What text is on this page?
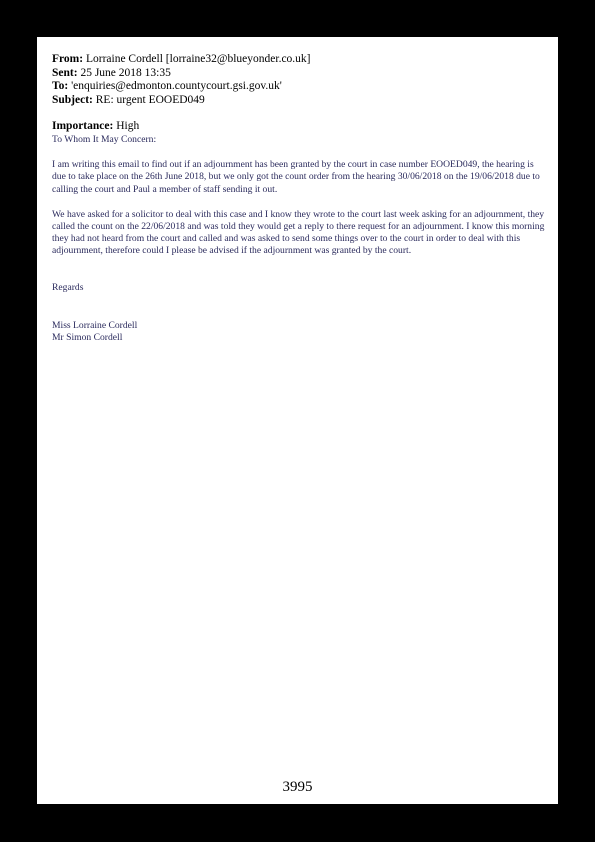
From: Lorraine Cordell [lorraine32@blueyonder.co.uk]
Sent: 25 June 2018 13:35
To: 'enquiries@edmonton.countycourt.gsi.gov.uk'
Subject: RE: urgent EOOED049
Importance: High

To Whom It May Concern:

I am writing this email to find out if an adjournment has been granted by the court in case number EOOED049, the hearing is due to take place on the 26th June 2018, but we only got the count order from the hearing 30/06/2018 on the 19/06/2018 due to calling the court and Paul a member of staff sending it out.

We have asked for a solicitor to deal with this case and I know they wrote to the court last week asking for an adjournment, they called the count on the 22/06/2018 and was told they would get a reply to there request for an adjournment. I know this morning they had not heard from the court and called and was asked to send some things over to the court in order to deal with this adjournment, therefore could I please be advised if the adjournment was granted by the court.

Regards

Miss Lorraine Cordell
Mr Simon Cordell
3995
